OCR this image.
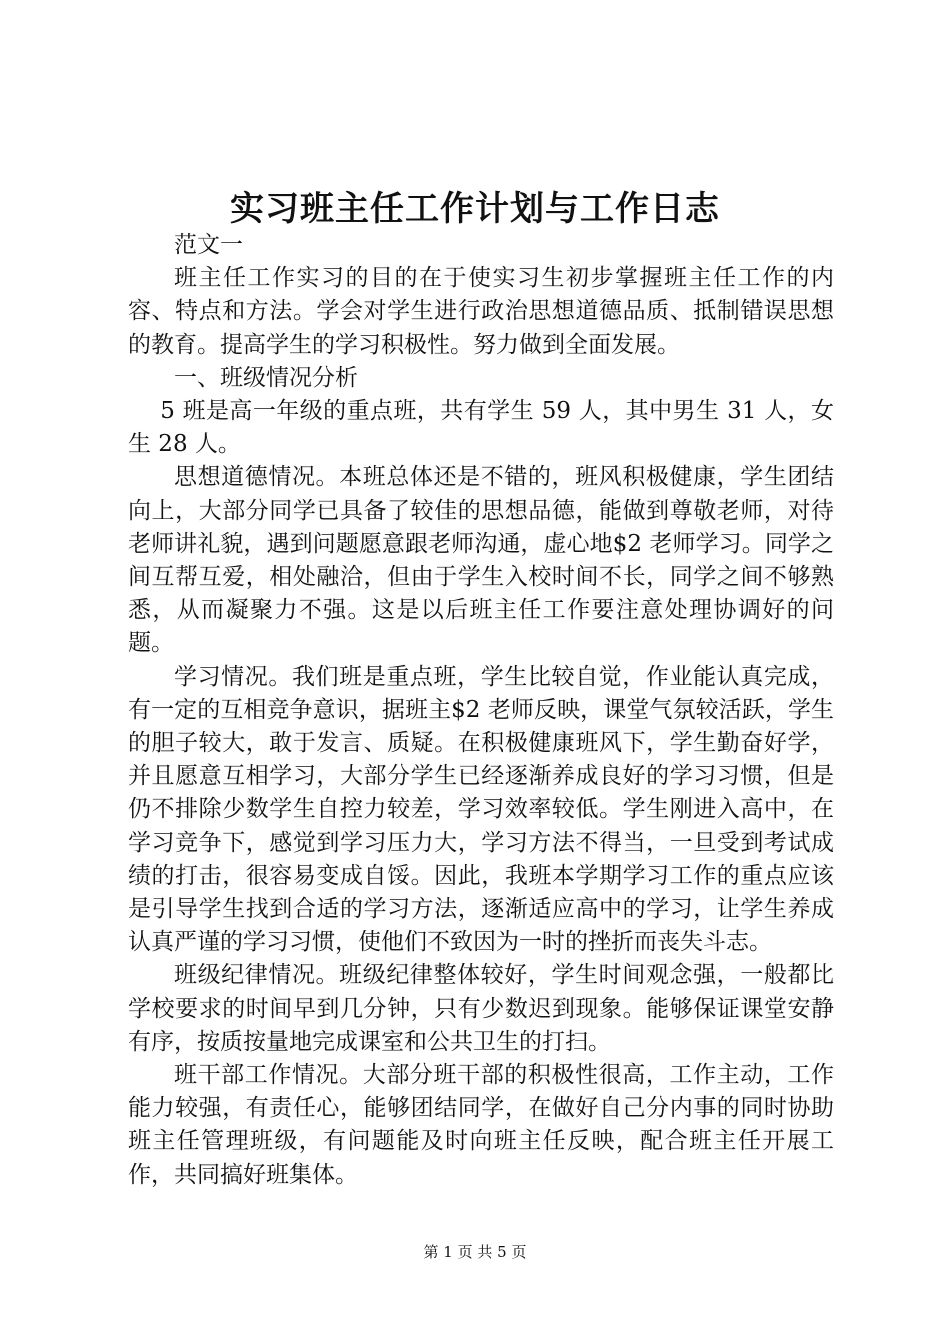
实习班主任工作计划与工作日志

范文一

班主任工作实习的目的在于使实习生初步掌握班主任工作的内容、特点和方法。学会对学生进行政治思想道德品质、抵制错误思想的教育。提高学生的学习积极性。努力做到全面发展。

一、班级情况分析

5 班是高一年级的重点班，共有学生 59 人，其中男生 31 人，女生 28 人。

思想道德情况。本班总体还是不错的，班风积极健康，学生团结向上，大部分同学已具备了较佳的思想品德，能做到尊敬老师，对待老师讲礼貌，遇到问题愿意跟老师沟通，虚心地$2 老师学习。同学之间互帮互爱，相处融洽，但由于学生入校时间不长，同学之间不够熟悉，从而凝聚力不强。这是以后班主任工作要注意处理协调好的问题。

学习情况。我们班是重点班，学生比较自觉，作业能认真完成，有一定的互相竞争意识，据班主$2 老师反映，课堂气氛较活跃，学生的胆子较大，敢于发言、质疑。在积极健康班风下，学生勤奋好学，并且愿意互相学习，大部分学生已经逐渐养成良好的学习习惯，但是仍不排除少数学生自控力较差，学习效率较低。学生刚进入高中，在学习竞争下，感觉到学习压力大，学习方法不得当，一旦受到考试成绩的打击，很容易变成自馁。因此，我班本学期学习工作的重点应该是引导学生找到合适的学习方法，逐渐适应高中的学习，让学生养成认真严谨的学习习惯，使他们不致因为一时的挫折而丧失斗志。

班级纪律情况。班级纪律整体较好，学生时间观念强，一般都比学校要求的时间早到几分钟，只有少数迟到现象。能够保证课堂安静有序，按质按量地完成课室和公共卫生的打扫。

班干部工作情况。大部分班干部的积极性很高，工作主动，工作能力较强，有责任心，能够团结同学，在做好自己分内事的同时协助班主任管理班级，有问题能及时向班主任反映，配合班主任开展工作，共同搞好班集体。

第 1 页 共 5 页
